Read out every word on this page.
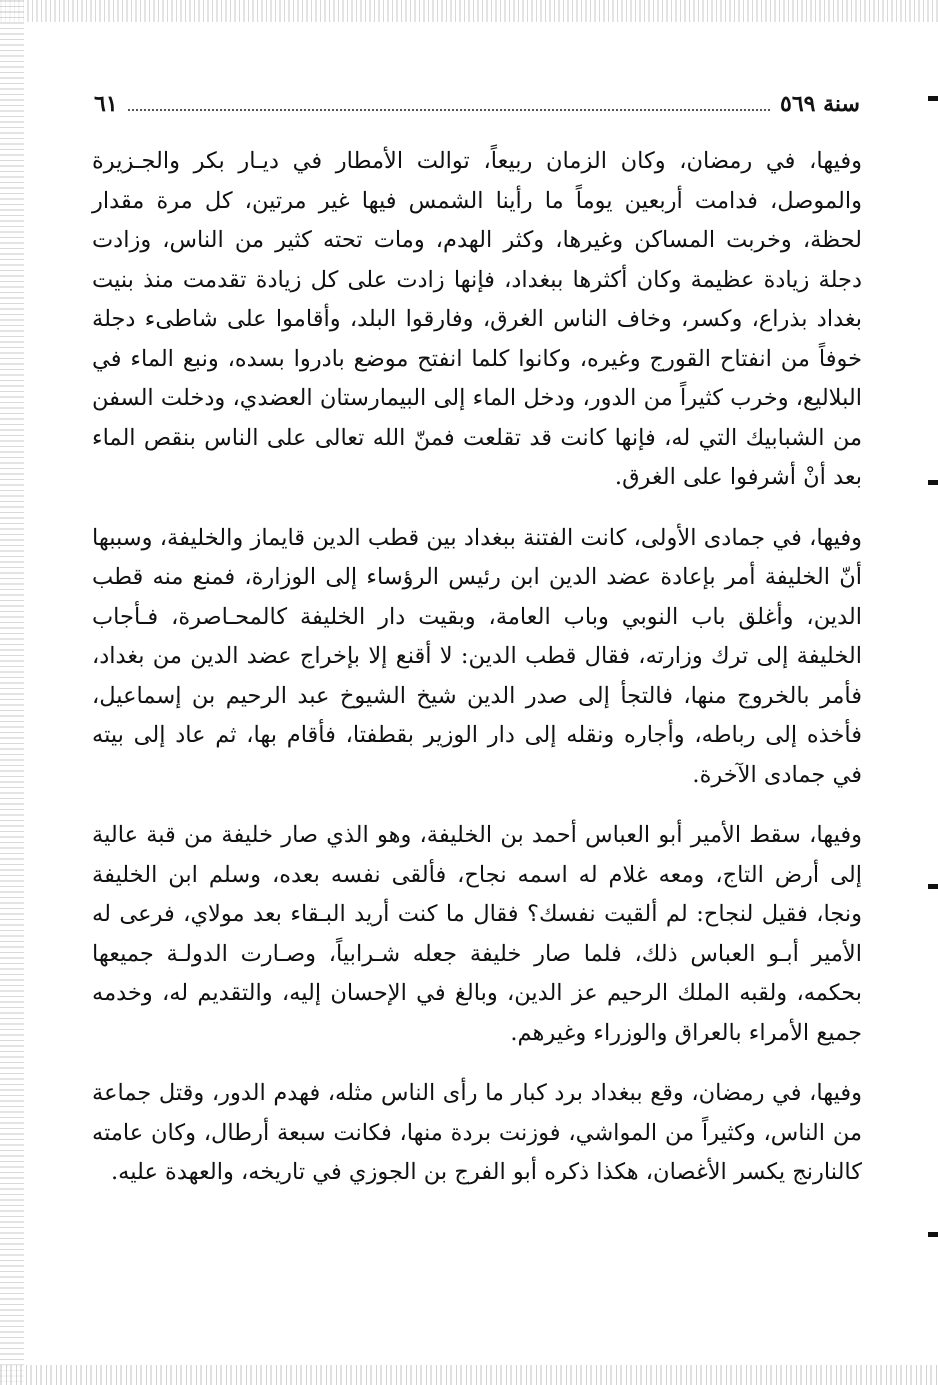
٦١	سنة ٥٦٩

وفيها، في رمضان، وكان الزمان ربيعاً، توالت الأمطار في ديـار بكر والجـزيرة والموصل، فدامت أربعين يوماً ما رأينا الشمس فيها غير مرتين، كل مرة مقدار لحظة، وخربت المساكن وغيرها، وكثر الهدم، ومات تحته كثير من الناس، وزادت دجلة زيادة عظيمة وكان أكثرها ببغداد، فإنها زادت على كل زيادة تقدمت منذ بنيت بغداد بذراع، وكسر، وخاف الناس الغرق، وفارقوا البلد، وأقاموا على شاطىء دجلة خوفاً من انفتاح القورج وغيره، وكانوا كلما انفتح موضع بادروا بسده، ونبع الماء في البلاليع، وخرب كثيراً من الدور، ودخل الماء إلى البيمارستان العضدي، ودخلت السفن من الشبابيك التي له، فإنها كانت قد تقلعت فمنّ الله تعالى على الناس بنقص الماء بعد أنْ أشرفوا على الغرق.

وفيها، في جمادى الأولى، كانت الفتنة ببغداد بين قطب الدين قايماز والخليفة، وسببها أنّ الخليفة أمر بإعادة عضد الدين ابن رئيس الرؤساء إلى الوزارة، فمنع منه قطب الدين، وأغلق باب النوبي وباب العامة، وبقيت دار الخليفة كالمحـاصرة، فـأجاب الخليفة إلى ترك وزارته، فقال قطب الدين: لا أقنع إلا بإخراج عضد الدين من بغداد، فأمر بالخروج منها، فالتجأ إلى صدر الدين شيخ الشيوخ عبد الرحيم بن إسماعيل، فأخذه إلى رباطه، وأجاره ونقله إلى دار الوزير بقطفتا، فأقام بها، ثم عاد إلى بيته في جمادى الآخرة.

وفيها، سقط الأمير أبو العباس أحمد بن الخليفة، وهو الذي صار خليفة من قبة عالية إلى أرض التاج، ومعه غلام له اسمه نجاح، فألقى نفسه بعده، وسلم ابن الخليفة ونجا، فقيل لنجاح: لم ألقيت نفسك؟ فقال ما كنت أريد البـقاء بعد مولاي، فرعى له الأمير أبـو العباس ذلك، فلما صار خليفة جعله شـرابياً، وصـارت الدولـة جميعها بحكمه، ولقبه الملك الرحيم عز الدين، وبالغ في الإحسان إليه، والتقديم له، وخدمه جميع الأمراء بالعراق والوزراء وغيرهم.

وفيها، في رمضان، وقع ببغداد برد كبار ما رأى الناس مثله، فهدم الدور، وقتل جماعة من الناس، وكثيراً من المواشي، فوزنت بردة منها، فكانت سبعة أرطال، وكان عامته كالنارنج يكسر الأغصان، هكذا ذكره أبو الفرج بن الجوزي في تاريخه، والعهدة عليه.
